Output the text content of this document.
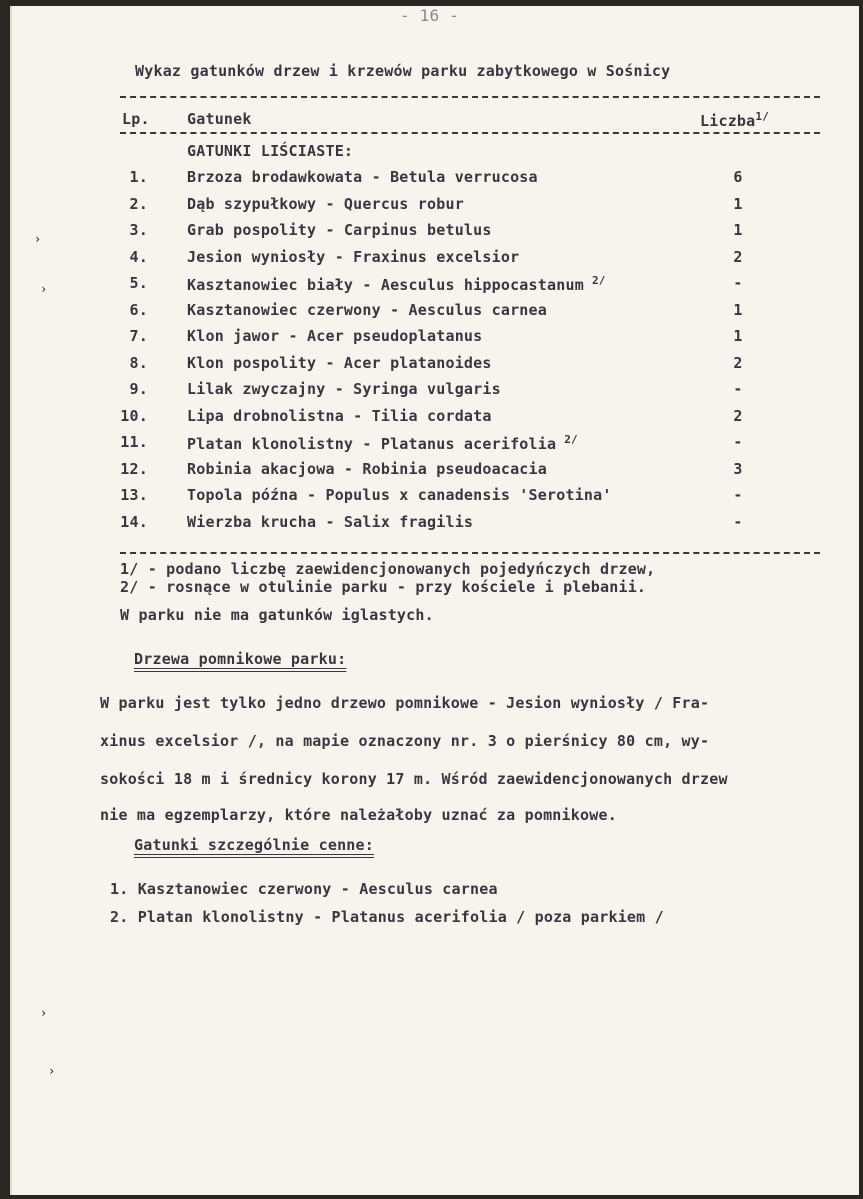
- 16 -
Wykaz gatunków drzew i krzewów parku zabytkowego w Sośnicy
Lp. Gatunek	Liczba$^{1/}$
GATUNKI LIŚCIASTE:
1.	Brzoza brodawkowata - Betula verrucosa	6
2.	Dąb szypułkowy - Quercus robur	1
3.	Grab pospolity - Carpinus betulus	1
4.	Jesion wyniosły - Fraxinus excelsior	2
5.	Kasztanowiec biały - Aesculus hippocastanum $^{2/}$	-
6.	Kasztanowiec czerwony - Aesculus carnea	1
7.	Klon jawor - Acer pseudoplatanus	1
8.	Klon pospolity - Acer platanoides	2
9.	Lilak zwyczajny - Syringa vulgaris	-
10.	Lipa drobnolistna - Tilia cordata	2
11.	Platan klonolistny - Platanus acerifolia $^{2/}$	-
12.	Robinia akacjowa - Robinia pseudoacacia	3
13.	Topola późna - Populus x canadensis 'Serotina'	-
14.	Wierzba krucha - Salix fragilis	-
1/ - podano liczbę zaewidencjonowanych pojedyńczych drzew,
2/ - rosnące w otulinie parku - przy kościele i plebanii.
W parku nie ma gatunków iglastych.
Drzewa pomnikowe parku:
W parku jest tylko jedno drzewo pomnikowe - Jesion wyniosły / Fra-
xinus excelsior /, na mapie oznaczony nr. 3 o pierśnicy 80 cm, wy-
sokości 18 m i średnicy korony 17 m. Wśród zaewidencjonowanych drzew
nie ma egzemplarzy, które należałoby uznać za pomnikowe.
Gatunki szczególnie cenne:
1. Kasztanowiec czerwony - Aesculus carnea
2. Platan klonolistny - Platanus acerifolia / poza parkiem /
›
›
›
›
